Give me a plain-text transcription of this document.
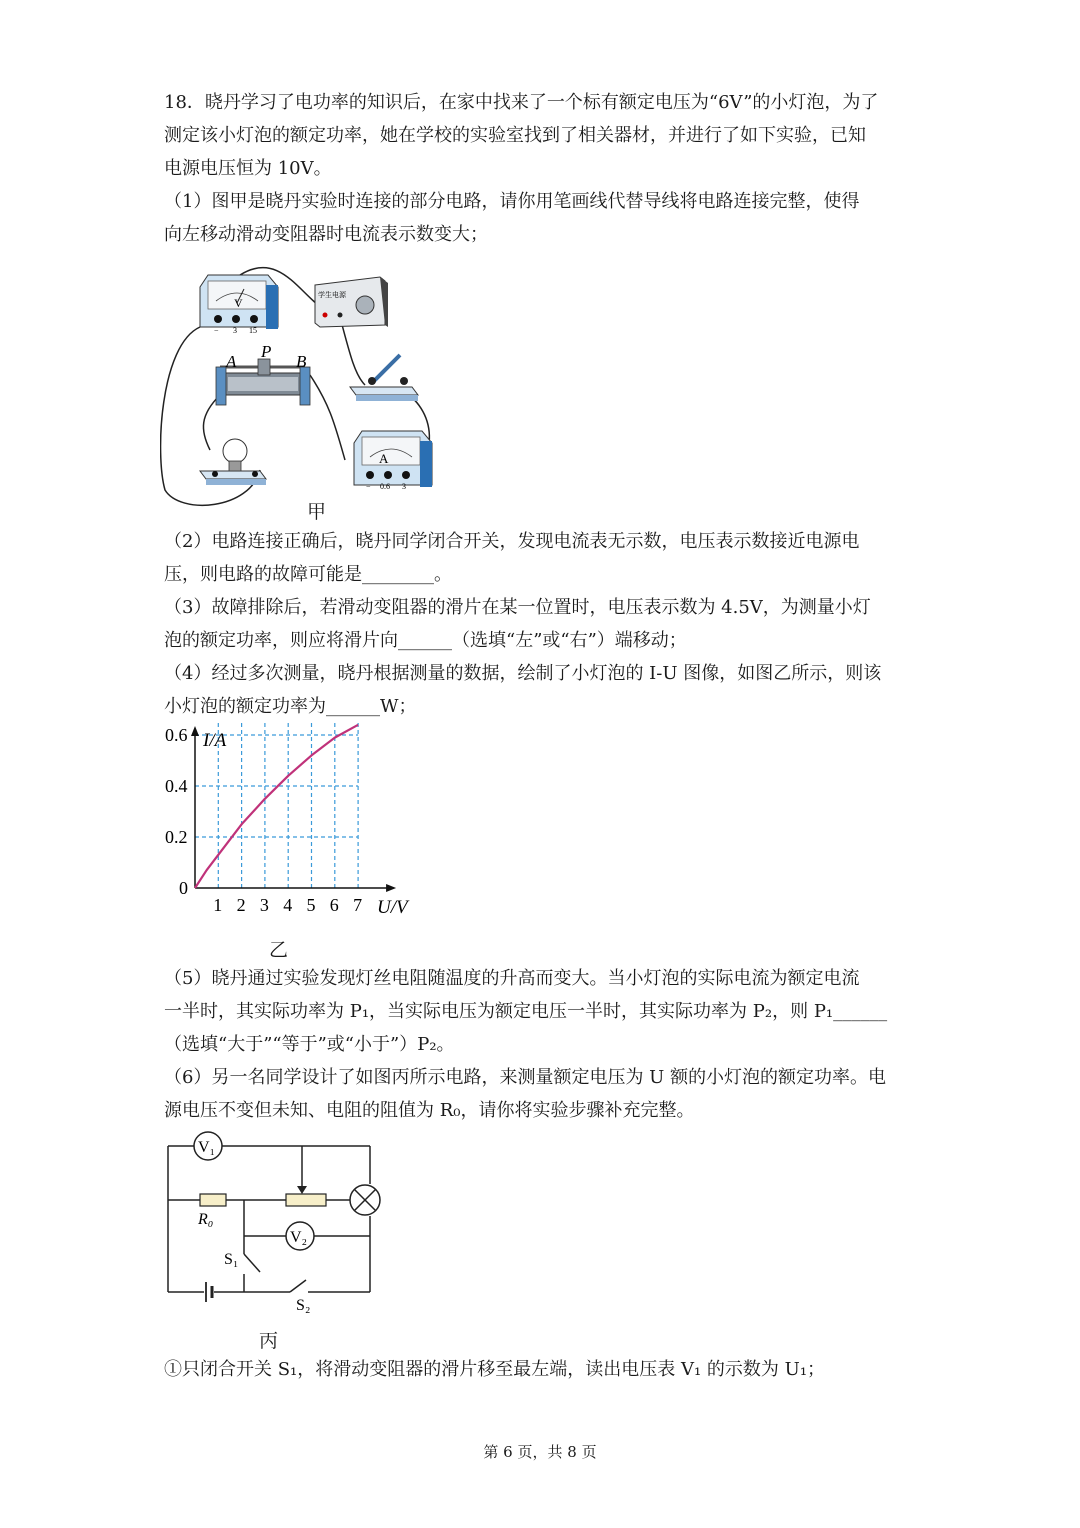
18．晓丹学习了电功率的知识后，在家中找来了一个标有额定电压为“6V”的小灯泡，为了
测定该小灯泡的额定功率，她在学校的实验室找到了相关器材，并进行了如下实验，已知
电源电压恒为 10V。
（1）图甲是晓丹实验时连接的部分电路，请你用笔画线代替导线将电路连接完整，使得
向左移动滑动变阻器时电流表示数变大；
V
− 3 15
学生电源
A
P
B
A
− 0.6 3
甲
（2）电路连接正确后，晓丹同学闭合开关，发现电流表无示数，电压表示数接近电源电
压，则电路的故障可能是________。
（3）故障排除后，若滑动变阻器的滑片在某一位置时，电压表示数为 4.5V，为测量小灯
泡的额定功率，则应将滑片向______（选填“左”或“右”）端移动；
（4）经过多次测量，晓丹根据测量的数据，绘制了小灯泡的 I-U 图像，如图乙所示，则该
小灯泡的额定功率为______W；
1 2 3 4 5 6 7
0
0.2
0.4
0.6 I/A
U/V
乙
（5）晓丹通过实验发现灯丝电阻随温度的升高而变大。当小灯泡的实际电流为额定电流
一半时，其实际功率为 P₁，当实际电压为额定电压一半时，其实际功率为 P₂，则 P₁______
（选填“大于”“等于”或“小于”）P₂。
（6）另一名同学设计了如图丙所示电路，来测量额定电压为 U 额的小灯泡的额定功率。电
源电压不变但未知、电阻的阻值为 R₀，请你将实验步骤补充完整。
V₁
V₂
R₀
S₁
S₂
丙
①只闭合开关 S₁，将滑动变阻器的滑片移至最左端，读出电压表 V₁ 的示数为 U₁；
第 6 页，共 8 页
